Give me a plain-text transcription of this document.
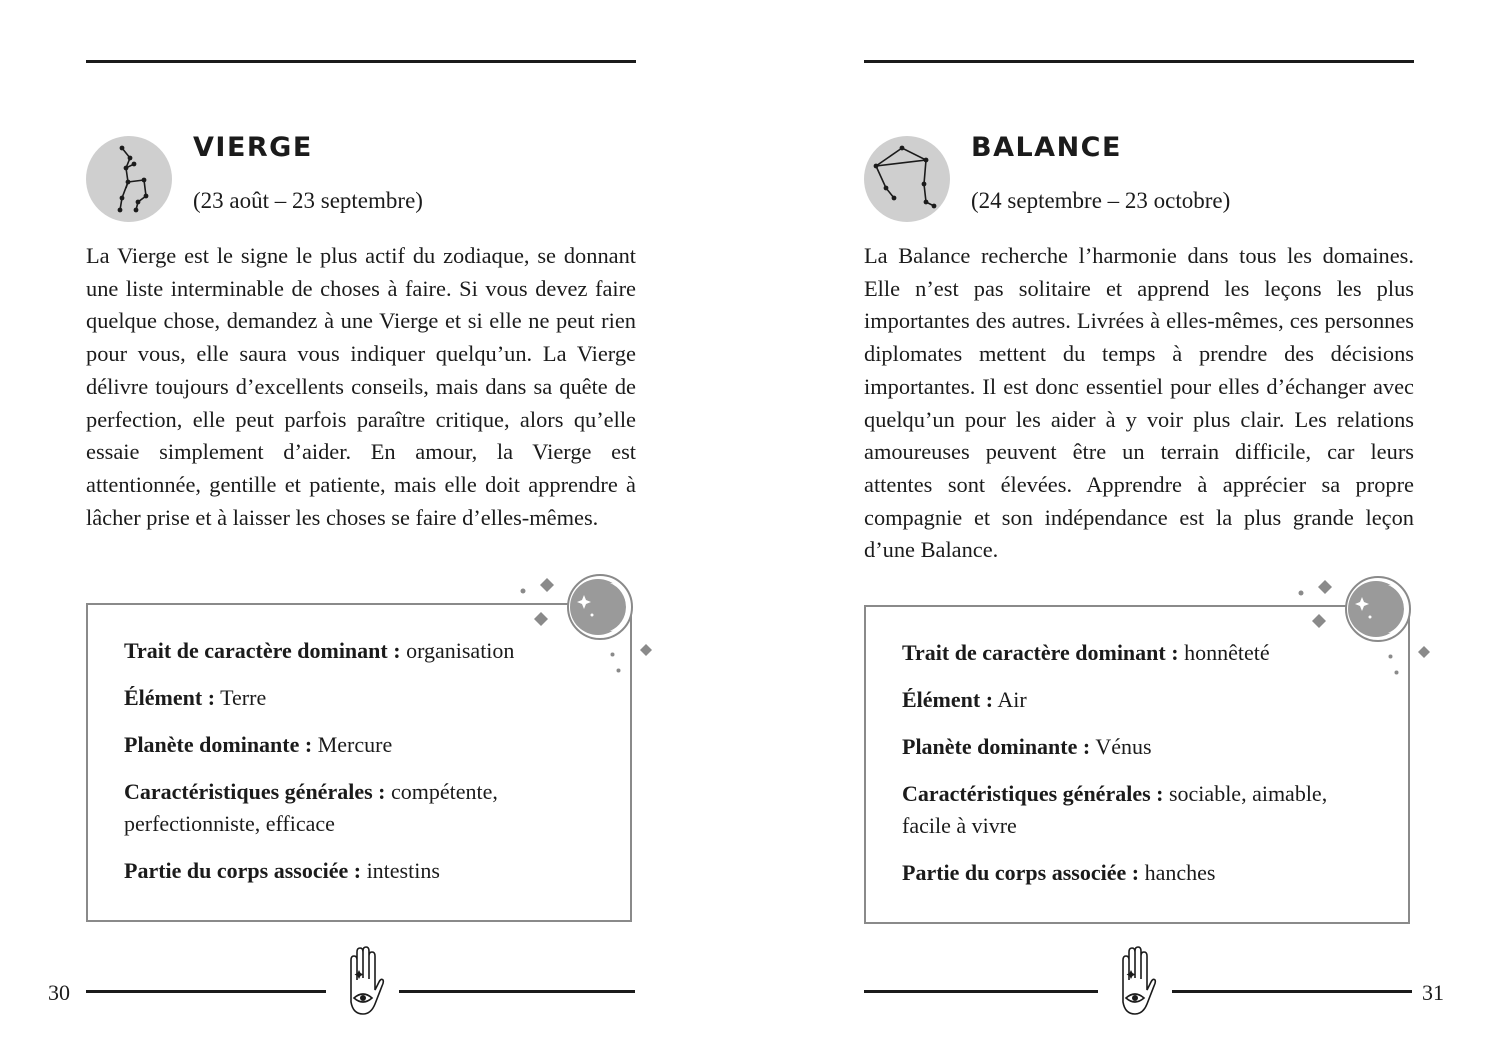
VIERGE
(23 août – 23 septembre)

La Vierge est le signe le plus actif du zodiaque, se donnant une liste interminable de choses à faire. Si vous devez faire quelque chose, demandez à une Vierge et si elle ne peut rien pour vous, elle saura vous indiquer quelqu’un. La Vierge délivre toujours d’excellents conseils, mais dans sa quête de perfection, elle peut parfois paraître critique, alors qu’elle essaie simplement d’aider. En amour, la Vierge est attentionnée, gentille et patiente, mais elle doit apprendre à lâcher prise et à laisser les choses se faire d’elles-mêmes.

Trait de caractère dominant : organisation

Élément : Terre

Planète dominante : Mercure

Caractéristiques générales : compétente, perfectionniste, efficace

Partie du corps associée : intestins

30
BALANCE
(24 septembre – 23 octobre)

La Balance recherche l’harmonie dans tous les domaines. Elle n’est pas solitaire et apprend les leçons les plus importantes des autres. Livrées à elles-mêmes, ces personnes diplomates mettent du temps à prendre des décisions importantes. Il est donc essentiel pour elles d’échanger avec quelqu’un pour les aider à y voir plus clair. Les relations amoureuses peuvent être un terrain difficile, car leurs attentes sont élevées. Apprendre à apprécier sa propre compagnie et son indépendance est la plus grande leçon d’une Balance.

Trait de caractère dominant : honnêteté

Élément : Air

Planète dominante : Vénus

Caractéristiques générales : sociable, aimable, facile à vivre

Partie du corps associée : hanches

31
